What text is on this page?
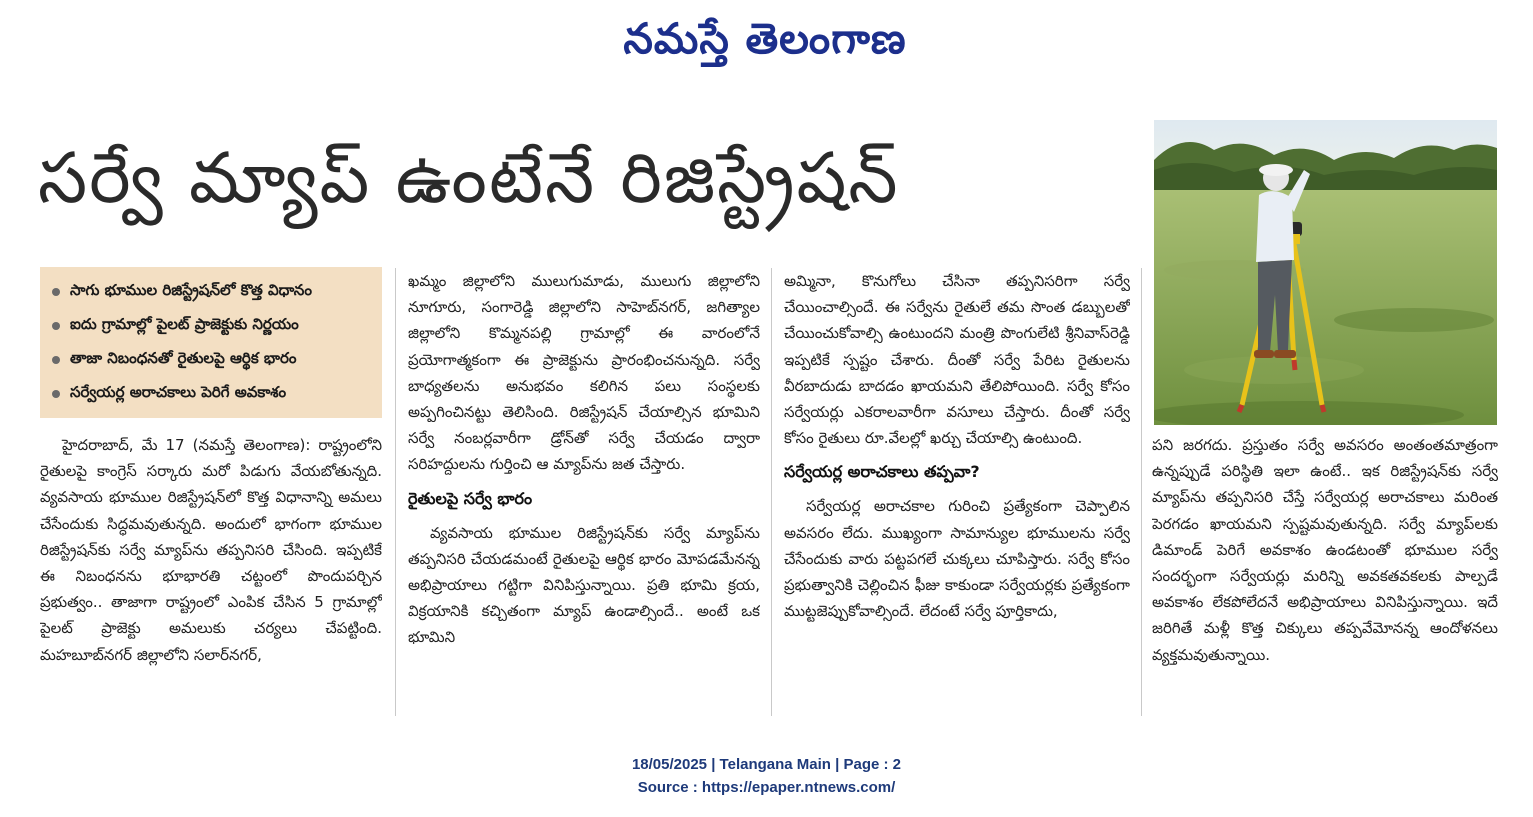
నమస్తే తెలంగాణ
సర్వే మ్యాప్ ఉంటేనే రిజిస్ట్రేషన్
సాగు భూముల రిజిస్ట్రేషన్‌లో కొత్త విధానం
ఐదు గ్రామాల్లో పైలట్ ప్రాజెక్టుకు నిర్ణయం
తాజా నిబంధనతో రైతులపై ఆర్థిక భారం
సర్వేయర్ల అరాచకాలు పెరిగే అవకాశం

హైదరాబాద్, మే 17 (నమస్తే తెలంగాణ): రాష్ట్రంలోని రైతులపై కాంగ్రెస్ సర్కారు మరో పిడుగు వేయబోతున్నది. వ్యవసాయ భూముల రిజిస్ట్రేషన్‌లో కొత్త విధానాన్ని అమలు చేసేందుకు సిద్ధమవుతున్నది. అందులో భాగంగా భూముల రిజిస్ట్రేషన్‌కు సర్వే మ్యాప్‌ను తప్పనిసరి చేసింది. ఇప్పటికే ఈ నిబంధనను భూభారతి చట్టంలో పొందుపర్చిన ప్రభుత్వం.. తాజాగా రాష్ట్రంలో ఎంపిక చేసిన 5 గ్రామాల్లో పైలట్ ప్రాజెక్టు అమలుకు చర్యలు చేపట్టింది. మహబూబ్‌నగర్ జిల్లాలోని సలార్‌నగర్,

ఖమ్మం జిల్లాలోని ములుగుమాడు, ములుగు జిల్లాలోని నూగూరు, సంగారెడ్డి జిల్లాలోని సాహెబ్‌నగర్, జగిత్యాల జిల్లాలోని కొమ్మనపల్లి గ్రామాల్లో ఈ వారంలోనే ప్రయోగాత్మకంగా ఈ ప్రాజెక్టును ప్రారంభించనున్నది. సర్వే బాధ్యతలను అనుభవం కలిగిన పలు సంస్థలకు అప్పగించినట్టు తెలిసింది. రిజిస్ట్రేషన్ చేయాల్సిన భూమిని సర్వే నంబర్లవారీగా డ్రోన్‌తో సర్వే చేయడం ద్వారా సరిహద్దులను గుర్తించి ఆ మ్యాప్‌ను జత చేస్తారు.

రైతులపై సర్వే భారం

వ్యవసాయ భూముల రిజిస్ట్రేషన్‌కు సర్వే మ్యాప్‌ను తప్పనిసరి చేయడమంటే రైతులపై ఆర్థిక భారం మోపడమేనన్న అభిప్రాయాలు గట్టిగా వినిపిస్తున్నాయి. ప్రతి భూమి క్రయ, విక్రయానికి కచ్చితంగా మ్యాప్ ఉండాల్సిందే.. అంటే ఒక భూమిని

అమ్మినా, కొనుగోలు చేసినా తప్పనిసరిగా సర్వే చేయించాల్సిందే. ఈ సర్వేను రైతులే తమ సొంత డబ్బులతో చేయించుకోవాల్సి ఉంటుందని మంత్రి పొంగులేటి శ్రీనివాస్‌రెడ్డి ఇప్పటికే స్పష్టం చేశారు. దీంతో సర్వే పేరిట రైతులను వీరబాదుడు బాదడం ఖాయమని తేలిపోయింది. సర్వే కోసం సర్వేయర్లు ఎకరాలవారీగా వసూలు చేస్తారు. దీంతో సర్వే కోసం రైతులు రూ.వేలల్లో ఖర్చు చేయాల్సి ఉంటుంది.

సర్వేయర్ల అరాచకాలు తప్పవా?

సర్వేయర్ల అరాచకాల గురించి ప్రత్యేకంగా చెప్పాలిన అవసరం లేదు. ముఖ్యంగా సామాన్యుల భూములను సర్వే చేసేందుకు వారు పట్టపగలే చుక్కలు చూపిస్తారు. సర్వే కోసం ప్రభుత్వానికి చెల్లించిన ఫీజు కాకుండా సర్వేయర్లకు ప్రత్యేకంగా ముట్టజెప్పుకోవాల్సిందే. లేదంటే సర్వే పూర్తికాదు,

పని జరగదు. ప్రస్తుతం సర్వే అవసరం అంతంతమాత్రంగా ఉన్నప్పుడే పరిస్థితి ఇలా ఉంటే.. ఇక రిజిస్ట్రేషన్‌కు సర్వే మ్యాప్‌ను తప్పనిసరి చేస్తే సర్వేయర్ల అరాచకాలు మరింత పెరగడం ఖాయమని స్పష్టమవుతున్నది. సర్వే మ్యాప్‌లకు డిమాండ్ పెరిగే అవకాశం ఉండటంతో భూముల సర్వే సందర్భంగా సర్వేయర్లు మరిన్ని అవకతవకలకు పాల్పడే అవకాశం లేకపోలేదనే అభిప్రాయాలు వినిపిస్తున్నాయి. ఇదే జరిగితే మళ్లీ కొత్త చిక్కులు తప్పవేమోనన్న ఆందోళనలు వ్యక్తమవుతున్నాయి.

18/05/2025 | Telangana Main | Page : 2
Source : https://epaper.ntnews.com/
